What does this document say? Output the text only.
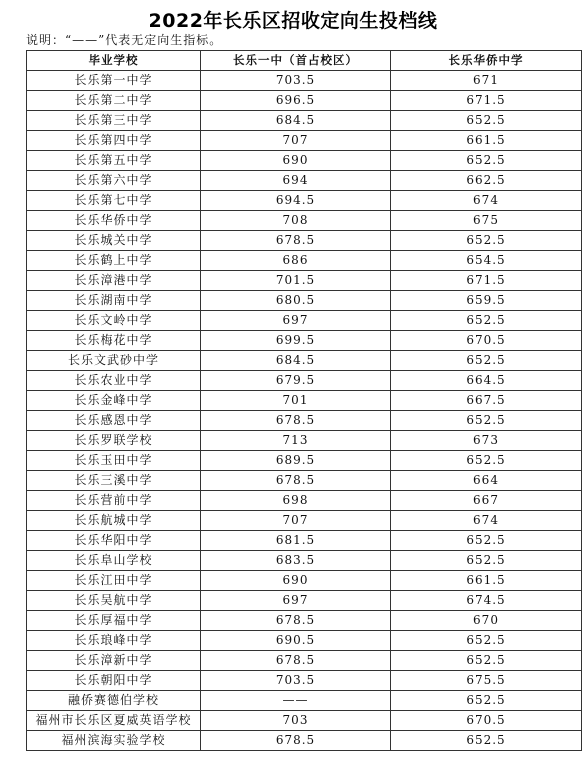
2022年长乐区招收定向生投档线
说明：“——”代表无定向生指标。
毕业学校	长乐一中（首占校区）	长乐华侨中学
长乐第一中学	703.5	671
长乐第二中学	696.5	671.5
长乐第三中学	684.5	652.5
长乐第四中学	707	661.5
长乐第五中学	690	652.5
长乐第六中学	694	662.5
长乐第七中学	694.5	674
长乐华侨中学	708	675
长乐城关中学	678.5	652.5
长乐鹤上中学	686	654.5
长乐漳港中学	701.5	671.5
长乐湖南中学	680.5	659.5
长乐文岭中学	697	652.5
长乐梅花中学	699.5	670.5
长乐文武砂中学	684.5	652.5
长乐农业中学	679.5	664.5
长乐金峰中学	701	667.5
长乐感恩中学	678.5	652.5
长乐罗联学校	713	673
长乐玉田中学	689.5	652.5
长乐三溪中学	678.5	664
长乐营前中学	698	667
长乐航城中学	707	674
长乐华阳中学	681.5	652.5
长乐阜山学校	683.5	652.5
长乐江田中学	690	661.5
长乐吴航中学	697	674.5
长乐厚福中学	678.5	670
长乐琅峰中学	690.5	652.5
长乐漳新中学	678.5	652.5
长乐朝阳中学	703.5	675.5
融侨赛德伯学校	——	652.5
福州市长乐区夏威英语学校	703	670.5
福州滨海实验学校	678.5	652.5
